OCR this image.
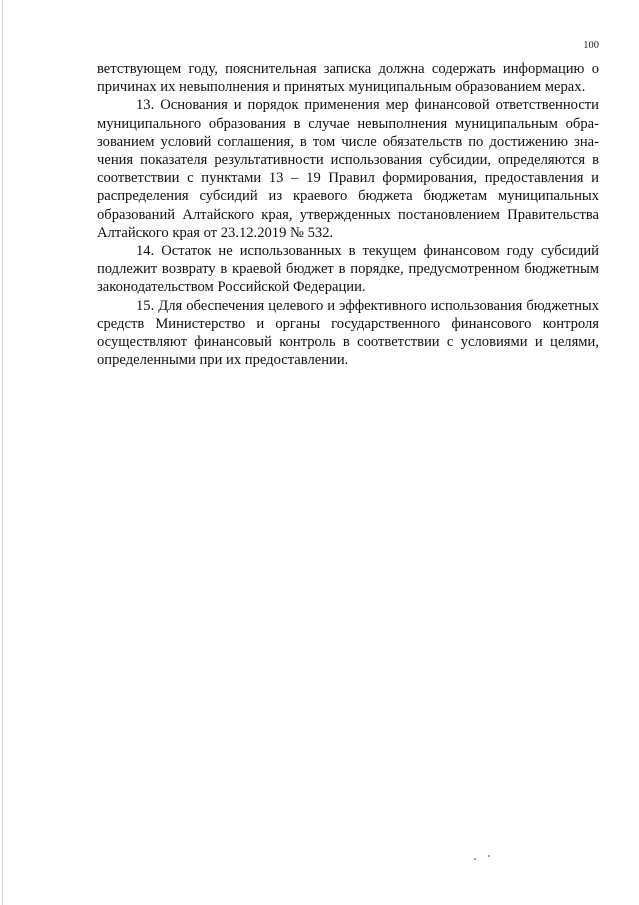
100

ветствующем году, пояснительная записка должна содержать информацию о причинах их невыполнения и принятых муниципальным образованием мерах.

13. Основания и порядок применения мер финансовой ответственности муниципального образования в случае невыполнения муниципальным образованием условий соглашения, в том числе обязательств по достижению значения показателя результативности использования субсидии, определяются в соответствии с пунктами 13 – 19 Правил формирования, предоставления и распределения субсидий из краевого бюджета бюджетам муниципальных образований Алтайского края, утвержденных постановлением Правительства Алтайского края от 23.12.2019 № 532.

14. Остаток не использованных в текущем финансовом году субсидий подлежит возврату в краевой бюджет в порядке, предусмотренном бюджетным законодательством Российской Федерации.

15. Для обеспечения целевого и эффективного использования бюджетных средств Министерство и органы государственного финансового контроля осуществляют финансовый контроль в соответствии с условиями и целями, определенными при их предоставлении.
